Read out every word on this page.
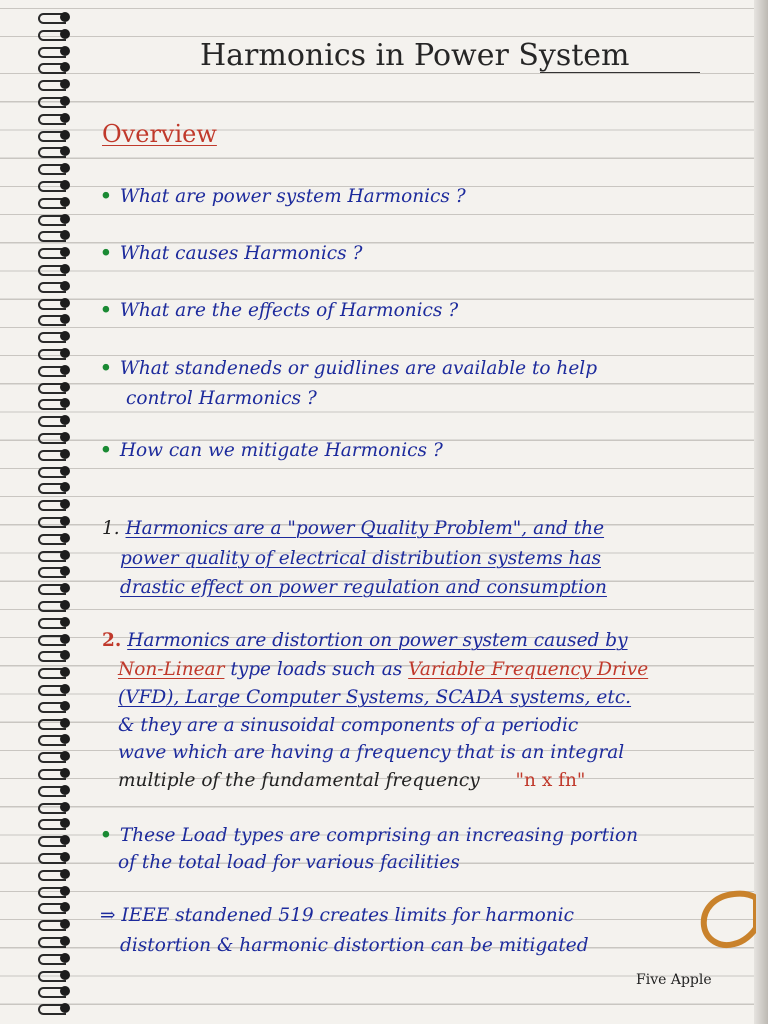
Harmonics in Power System
Overview
• What are power system Harmonics ?
• What causes Harmonics ?
• What are the effects of Harmonics ?
• What standeneds or guidlines are available to help
control Harmonics ?
• How can we mitigate Harmonics ?
1. Harmonics are a "power Quality Problem", and the
power quality of electrical distribution systems has
drastic effect on power regulation and consumption
2. Harmonics are distortion on power system caused by
Non-Linear type loads such as Variable Frequency Drive
(VFD), Large Computer Systems, SCADA systems, etc.
& they are a sinusoidal components of a periodic
wave which are having a frequency that is an integral
multiple of the fundamental frequency "n x fn"
• These Load types are comprising an increasing portion
of the total load for various facilities
⇒ IEEE standened 519 creates limits for harmonic
distortion & harmonic distortion can be mitigated
Five Apple
